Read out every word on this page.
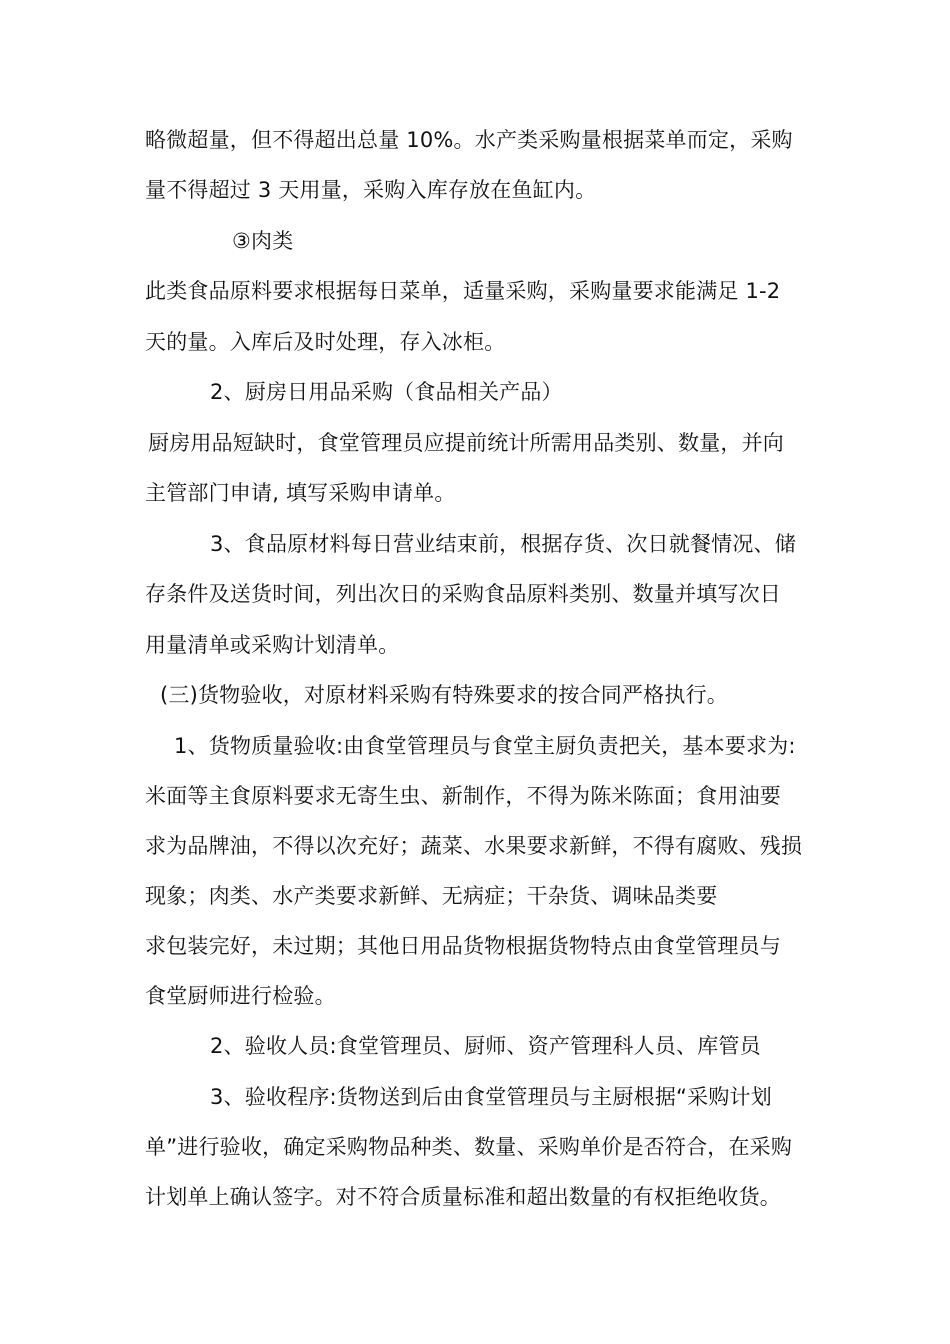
略微超量，但不得超出总量 10%。水产类采购量根据菜单而定，采购
量不得超过 3 天用量，采购入库存放在鱼缸内。
③肉类
此类食品原料要求根据每日菜单，适量采购，采购量要求能满足 1-2
天的量。入库后及时处理，存入冰柜。
2、厨房日用品采购（食品相关产品）
厨房用品短缺时，食堂管理员应提前统计所需用品类别、数量，并向
主管部门申请, 填写采购申请单。
3、食品原材料每日营业结束前，根据存货、次日就餐情况、储
存条件及送货时间，列出次日的采购食品原料类别、数量并填写次日
用量清单或采购计划清单。
(三)货物验收，对原材料采购有特殊要求的按合同严格执行。
1、货物质量验收:由食堂管理员与食堂主厨负责把关，基本要求为:
米面等主食原料要求无寄生虫、新制作，不得为陈米陈面；食用油要
求为品牌油，不得以次充好；蔬菜、水果要求新鲜，不得有腐败、残损
现象；肉类、水产类要求新鲜、无病症；干杂货、调味品类要
求包装完好，未过期；其他日用品货物根据货物特点由食堂管理员与
食堂厨师进行检验。
2、验收人员:食堂管理员、厨师、资产管理科人员、库管员
3、验收程序:货物送到后由食堂管理员与主厨根据“采购计划
单”进行验收，确定采购物品种类、数量、采购单价是否符合，在采购
计划单上确认签字。对不符合质量标准和超出数量的有权拒绝收货。
